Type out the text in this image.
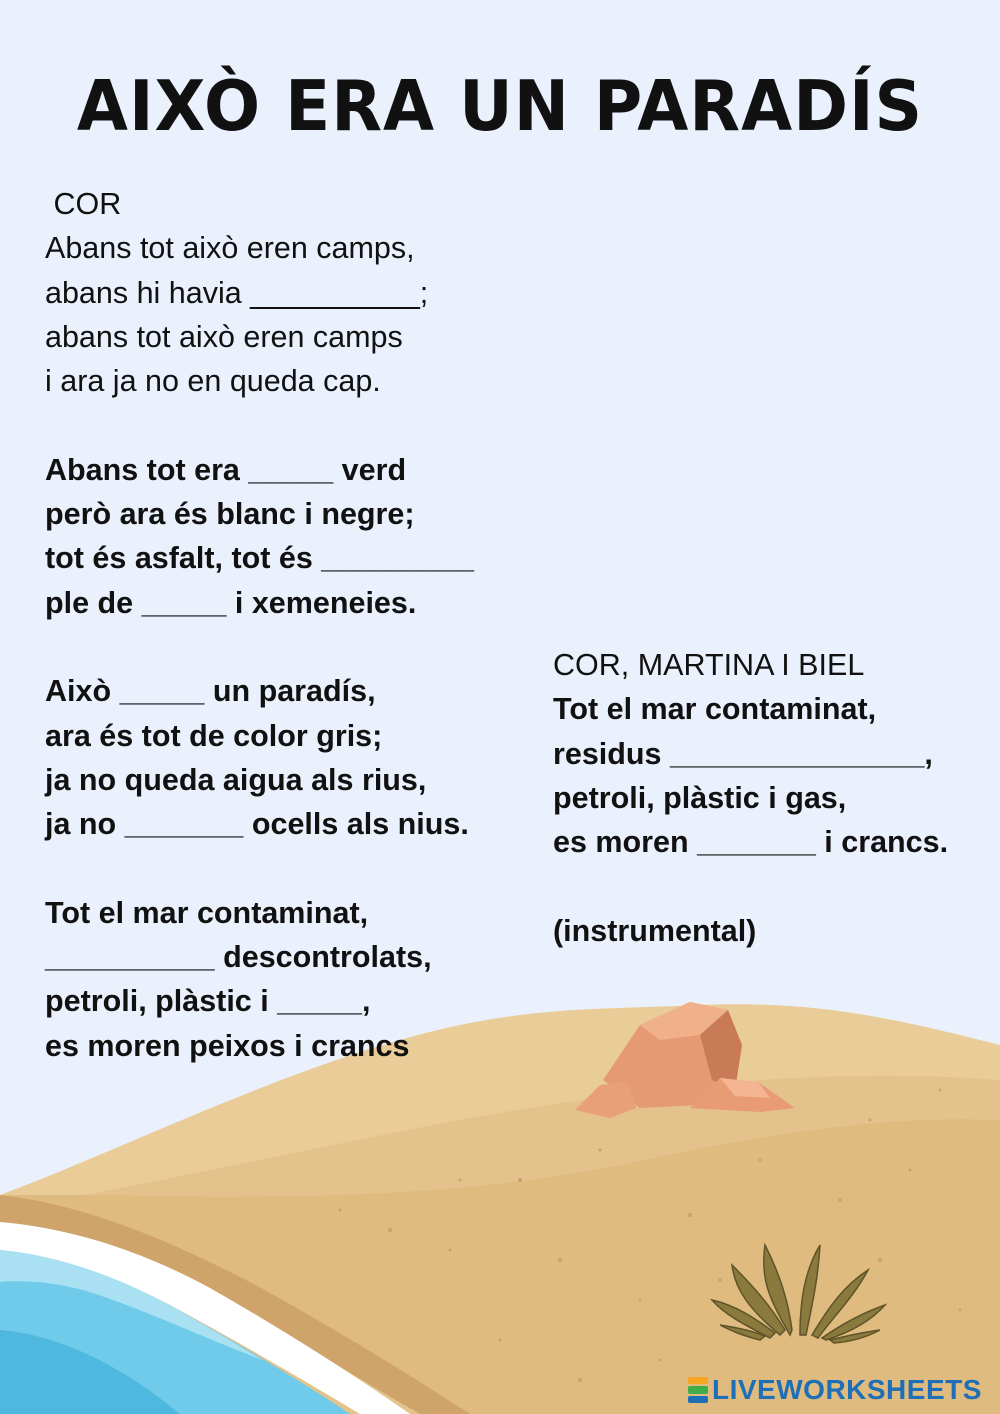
AIXÒ ERA UN PARADÍS
COR
Abans tot això eren camps,
abans hi havia __________;
abans tot això eren camps
i ara ja no en queda cap.
Abans tot era _____ verd
però ara és blanc i negre;
tot és asfalt, tot és _________
ple de _____ i xemeneies.
Això _____ un paradís,
ara és tot de color gris;
ja no queda aigua als rius,
ja no _______ ocells als nius.
Tot el mar contaminat,
__________ descontrolats,
petroli, plàstic i _____,
es moren peixos i crancs
COR, MARTINA I BIEL
Tot el mar contaminat,
residus _______________,
petroli, plàstic i gas,
es moren _______ i crancs.
(instrumental)
LIVEWORKSHEETS
